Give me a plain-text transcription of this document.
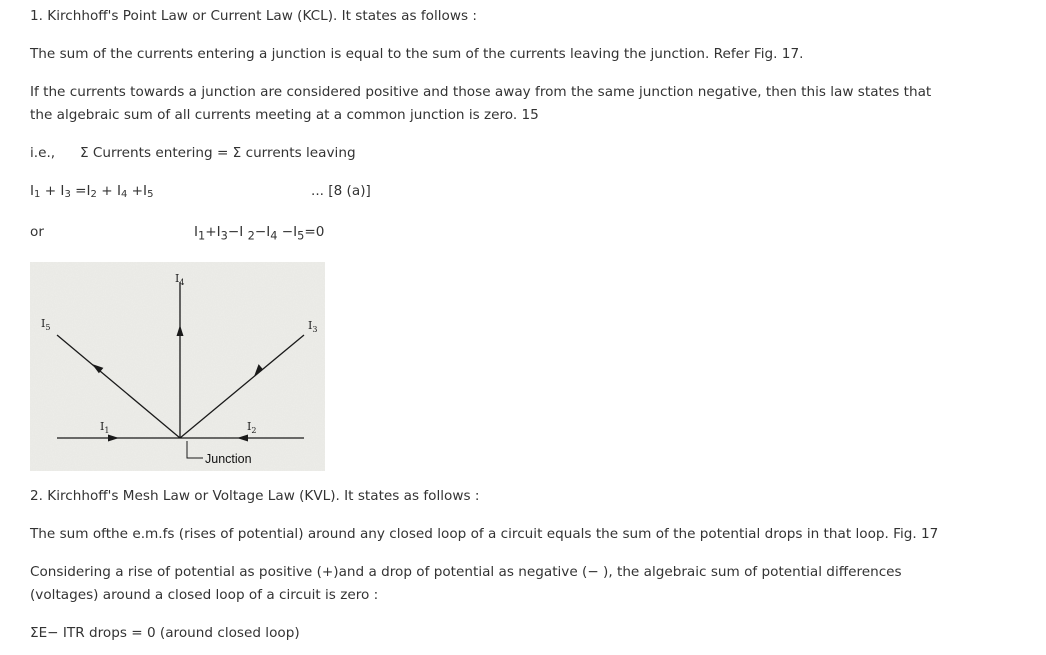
1. Kirchhoff's Point Law or Current Law (KCL). It states as follows :
The sum of the currents entering a junction is equal to the sum of the currents leaving the junction. Refer Fig. 17.
If the currents towards a junction are considered positive and those away from the same junction negative, then this law states that
the algebraic sum of all currents meeting at a common junction is zero. 15
i.e., Σ Currents entering = Σ currents leaving
$I_1 + I_3 =I_2 + I_4 +I_5$	... [8 (a)]
or	$I_1+I_3-I$ $_2-I_4 -I_5=0$
$I_4$
$I_5$	$I_3$
$I_1$	$I_2$
Junction
2. Kirchhoff's Mesh Law or Voltage Law (KVL). It states as follows :
The sum ofthe e.m.fs (rises of potential) around any closed loop of a circuit equals the sum of the potential drops in that loop. Fig. 17
Considering a rise of potential as positive (+)and a drop of potential as negative (− ), the algebraic sum of potential differences
(voltages) around a closed loop of a circuit is zero :
ΣE− ITR drops = 0 (around closed loop)
